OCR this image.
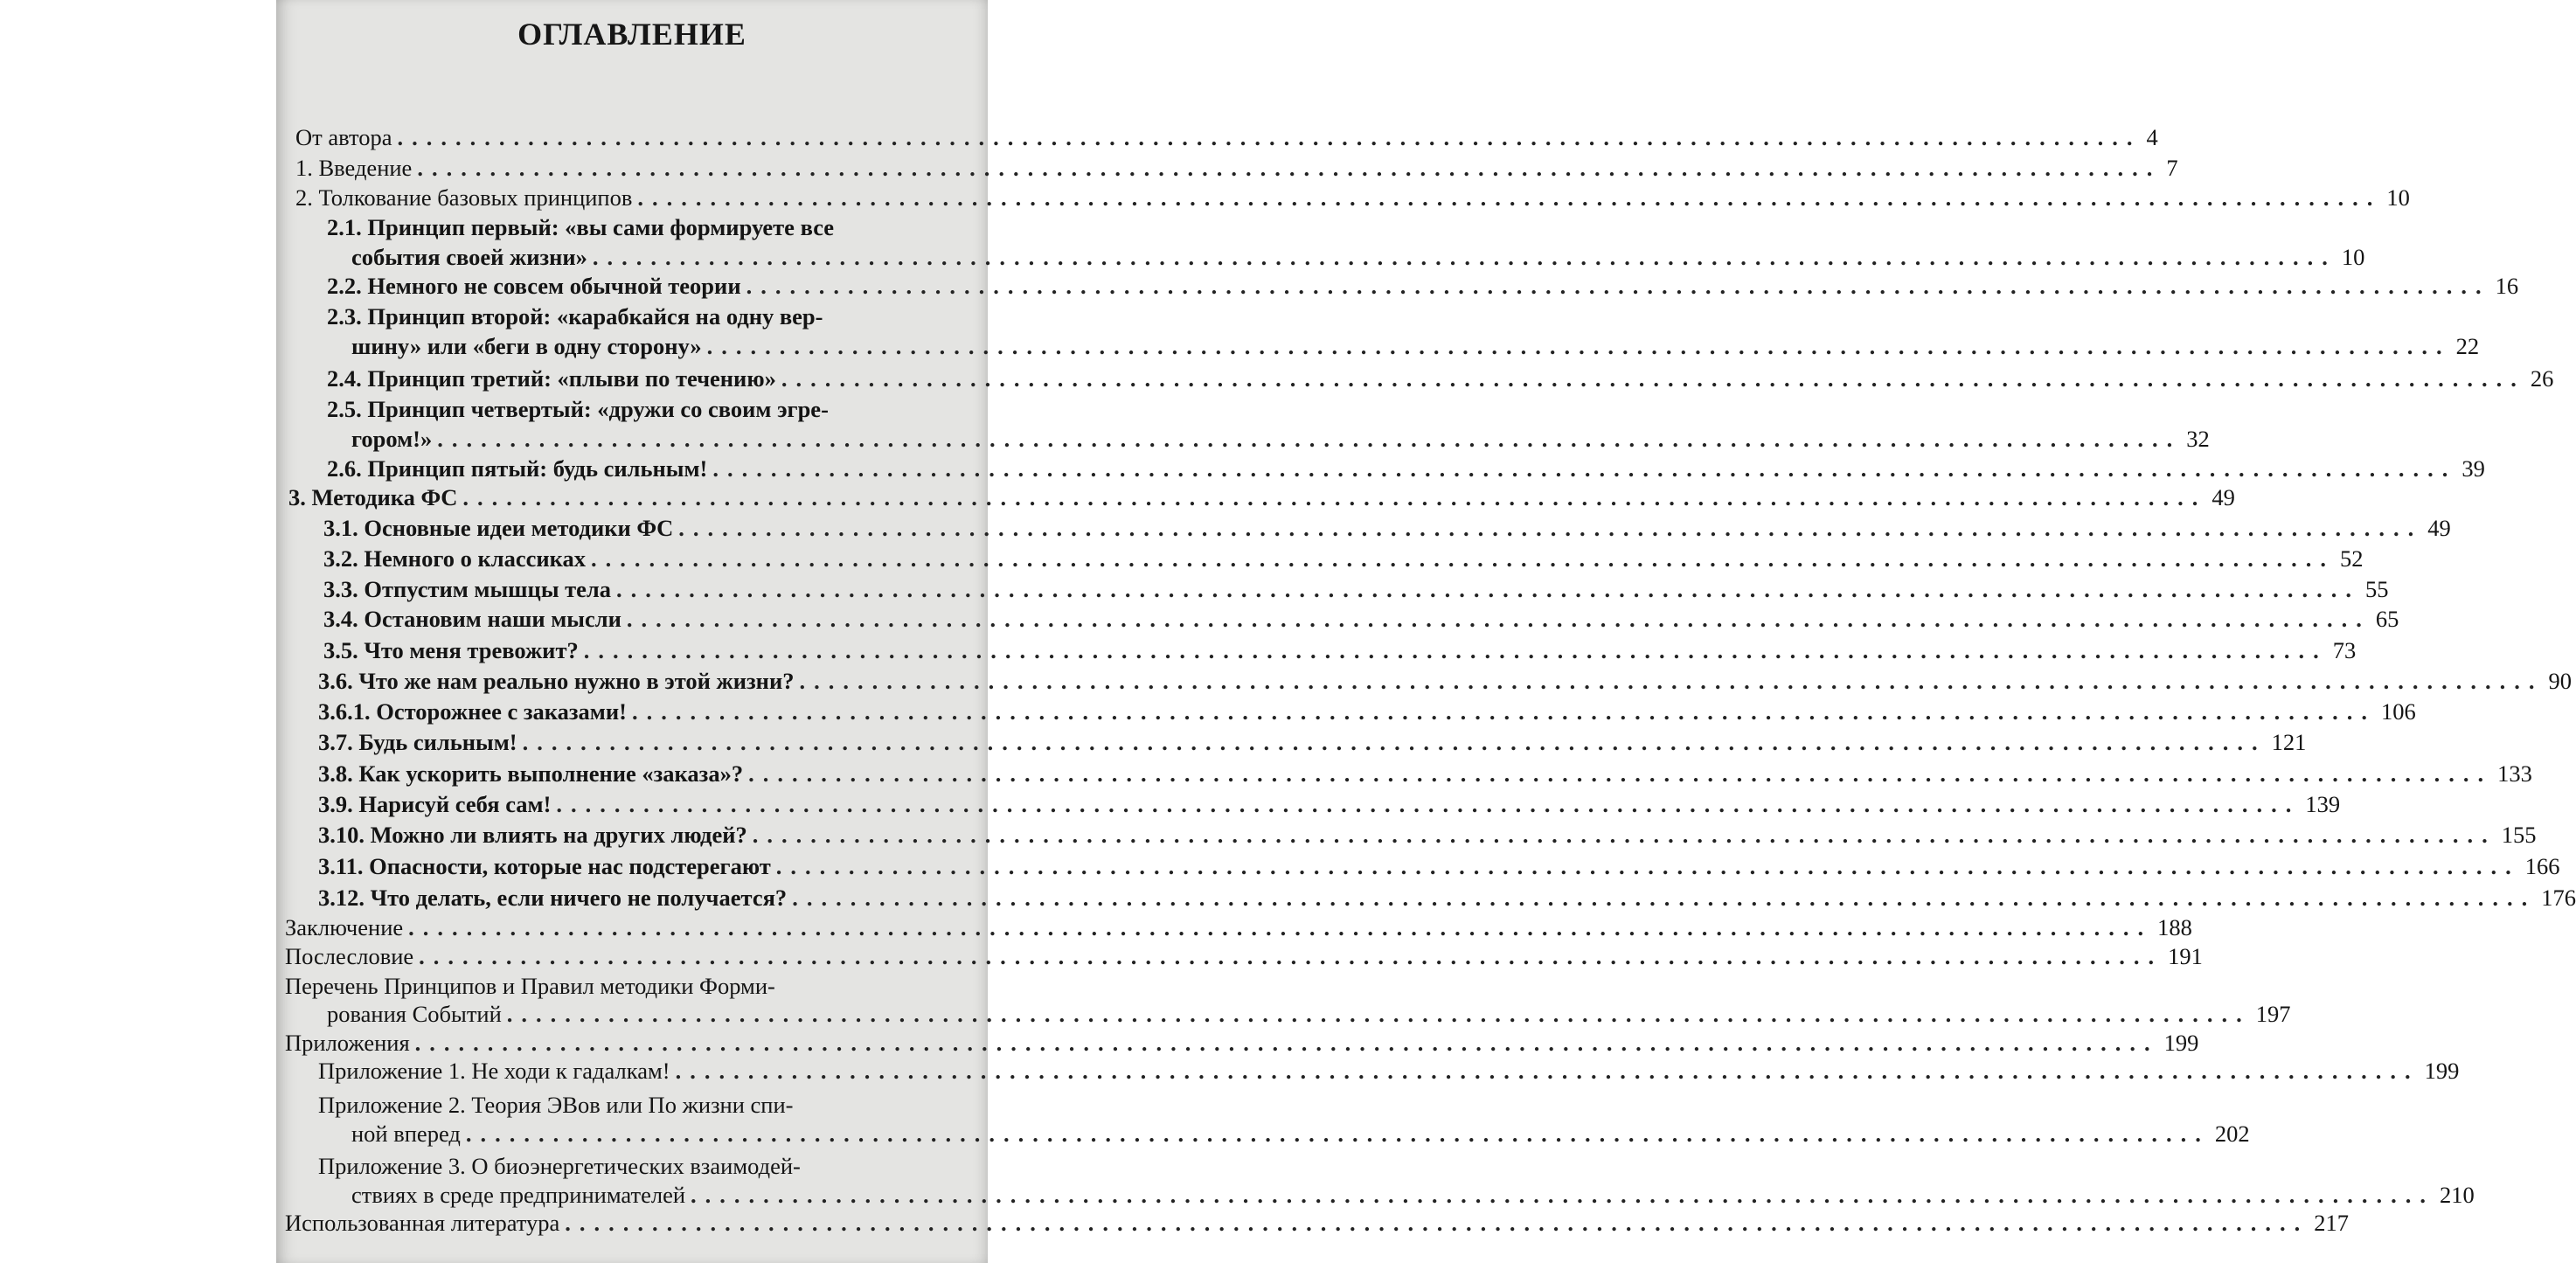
ОГЛАВЛЕНИЕ
От автора ........................................................................................................................ 4
1. Введение ........................................................................................................................ 7
2. Толкование базовых принципов ........................................................................................................................ 10
2.1. Принцип первый: «вы сами формируете все
события своей жизни» ........................................................................................................................ 10
2.2. Немного не совсем обычной теории ........................................................................................................................ 16
2.3. Принцип второй: «карабкайся на одну вер-
шину» или «беги в одну сторону» ........................................................................................................................ 22
2.4. Принцип третий: «плыви по течению» ........................................................................................................................ 26
2.5. Принцип четвертый: «дружи со своим эгре-
гором!» ........................................................................................................................ 32
2.6. Принцип пятый: будь сильным! ........................................................................................................................ 39
3. Методика ФС ........................................................................................................................ 49
3.1. Основные идеи методики ФС ........................................................................................................................ 49
3.2. Немного о классиках ........................................................................................................................ 52
3.3. Отпустим мышцы тела ........................................................................................................................ 55
3.4. Остановим наши мысли ........................................................................................................................ 65
3.5. Что меня тревожит? ........................................................................................................................ 73
3.6. Что же нам реально нужно в этой жизни? ........................................................................................................................ 90
3.6.1. Осторожнее с заказами! ........................................................................................................................ 106
3.7. Будь сильным! ........................................................................................................................ 121
3.8. Как ускорить выполнение «заказа»? ........................................................................................................................ 133
3.9. Нарисуй себя сам! ........................................................................................................................ 139
3.10. Можно ли влиять на других людей? ........................................................................................................................ 155
3.11. Опасности, которые нас подстерегают ........................................................................................................................ 166
3.12. Что делать, если ничего не получается? ........................................................................................................................ 176
Заключение ........................................................................................................................ 188
Послесловие ........................................................................................................................ 191
Перечень Принципов и Правил методики Форми-
рования Событий ........................................................................................................................ 197
Приложения ........................................................................................................................ 199
Приложение 1. Не ходи к гадалкам! ........................................................................................................................ 199
Приложение 2. Теория ЭВов или По жизни спи-
ной вперед ........................................................................................................................ 202
Приложение 3. О биоэнергетических взаимодей-
ствиях в среде предпринимателей ........................................................................................................................ 210
Использованная литература ........................................................................................................................ 217
